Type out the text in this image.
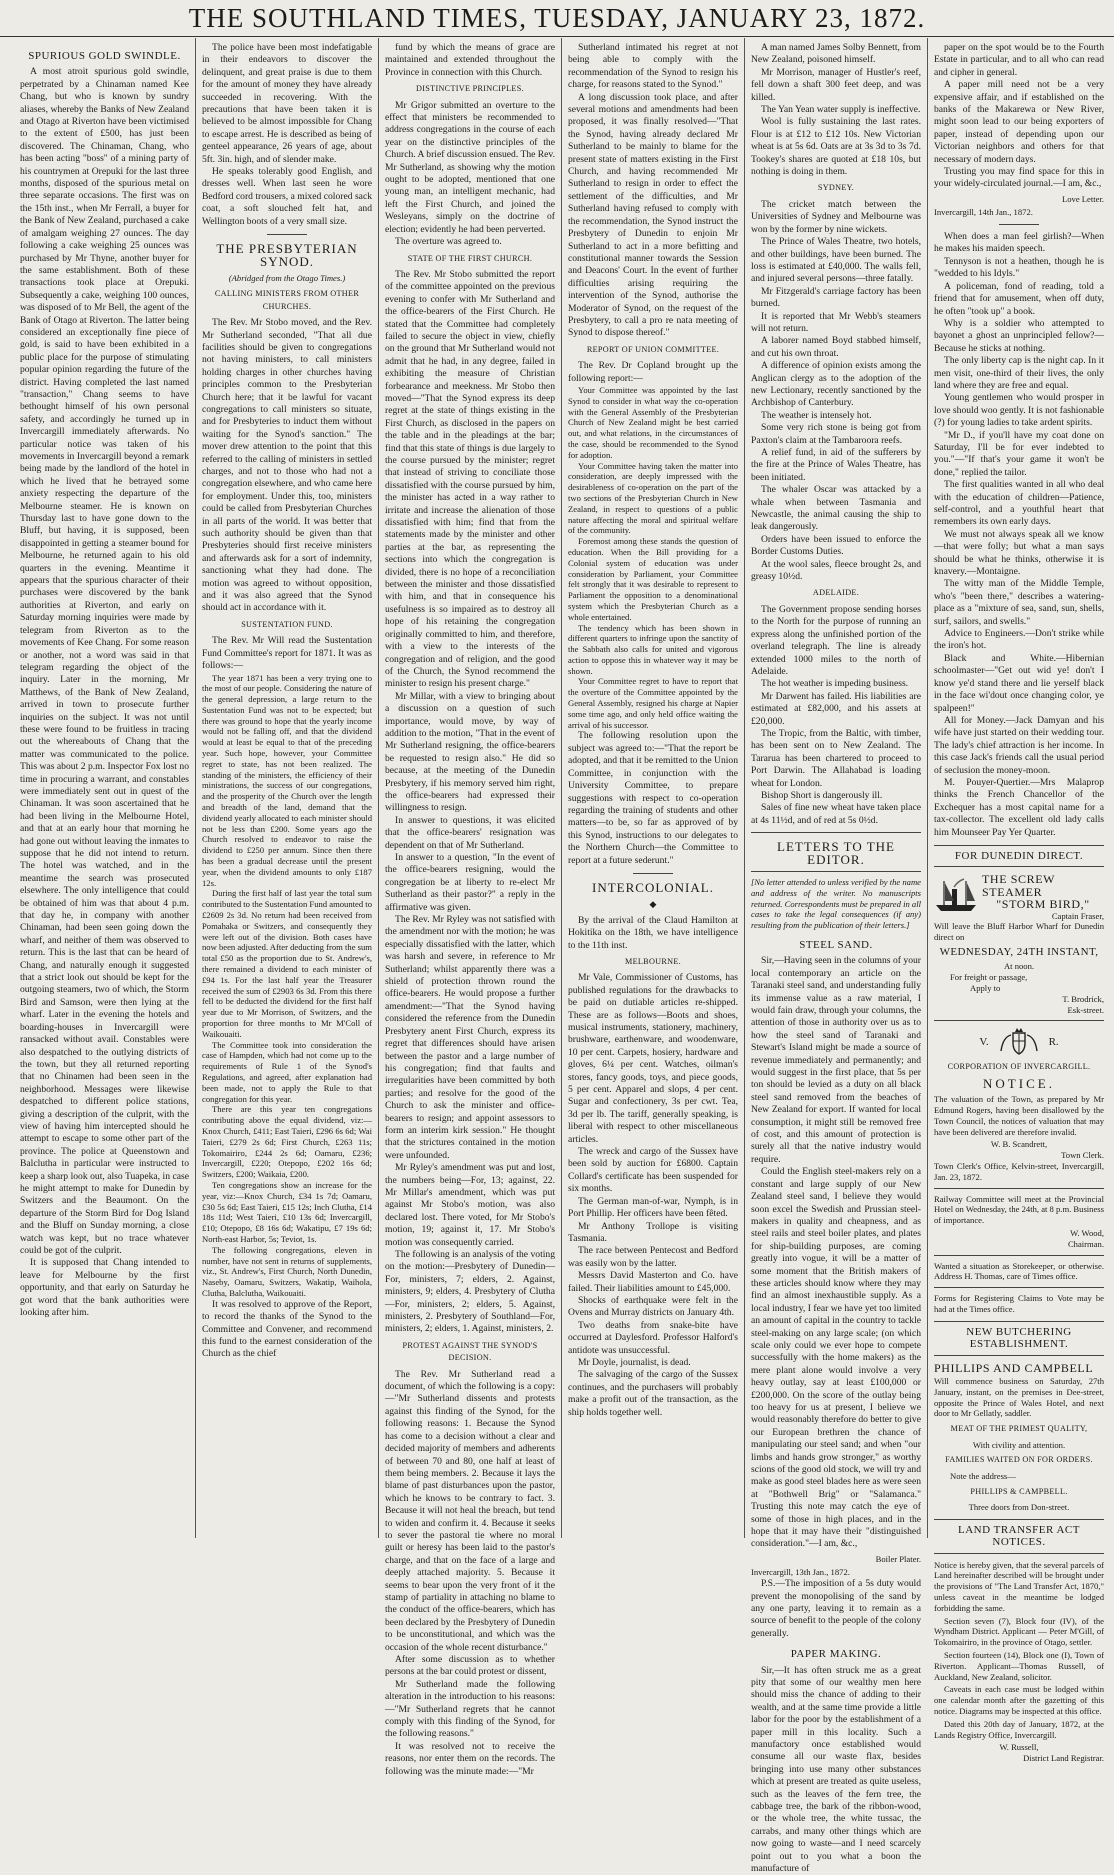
THE SOUTHLAND TIMES, TUESDAY, JANUARY 23, 1872.
SPURIOUS GOLD SWINDLE.

A most atroit spurious gold swindle, perpetrated by a Chinaman named Kee Chang, but who is known by sundry aliases, whereby the Banks of New Zealand and Otago at Riverton have been victimised to the extent of £500, has just been discovered. The Chinaman, Chang, who has been acting "boss" of a mining party of his countrymen at Orepuki for the last three months, disposed of the spurious metal on three separate occasions. The first was on the 15th inst., when Mr Ferrall, a buyer for the Bank of New Zealand, purchased a cake of amalgam weighing 27 ounces. The day following a cake weighing 25 ounces was purchased by Mr Thyne, another buyer for the same establishment. Both of these transactions took place at Orepuki. Subsequently a cake, weighing 100 ounces, was disposed of to Mr Bell, the agent of the Bank of Otago at Riverton. The latter being considered an exceptionally fine piece of gold, is said to have been exhibited in a public place for the purpose of stimulating popular opinion regarding the future of the district. Having completed the last named "transaction," Chang seems to have bethought himself of his own personal safety, and accordingly he turned up in Invercargill immediately afterwards. No particular notice was taken of his movements in Invercargill beyond a remark being made by the landlord of the hotel in which he lived that he betrayed some anxiety respecting the departure of the Melbourne steamer. He is known on Thursday last to have gone down to the Bluff, but having, it is supposed, been disappointed in getting a steamer bound for Melbourne, he returned again to his old quarters in the evening. Meantime it appears that the spurious character of their purchases were discovered by the bank authorities at Riverton, and early on Saturday morning inquiries were made by telegram from Riverton as to the movements of Kee Chang. For some reason or another, not a word was said in that telegram regarding the object of the inquiry. Later in the morning, Mr Matthews, of the Bank of New Zealand, arrived in town to prosecute further inquiries on the subject. It was not until these were found to be fruitless in tracing out the whereabouts of Chang that the matter was communicated to the police. This was about 2 p.m. Inspector Fox lost no time in procuring a warrant, and constables were immediately sent out in quest of the Chinaman. It was soon ascertained that he had been living in the Melbourne Hotel, and that at an early hour that morning he had gone out without leaving the inmates to suppose that he did not intend to return. The hotel was watched, and in the meantime the search was prosecuted elsewhere. The only intelligence that could be obtained of him was that about 4 p.m. that day he, in company with another Chinaman, had been seen going down the wharf, and neither of them was observed to return. This is the last that can be heard of Chang, and naturally enough it suggested that a strict look out should be kept for the outgoing steamers, two of which, the Storm Bird and Samson, were then lying at the wharf. Later in the evening the hotels and boarding-houses in Invercargill were ransacked without avail. Constables were also despatched to the outlying districts of the town, but they all returned reporting that no Chinamen had been seen in the neighborhood. Messages were likewise despatched to different police stations, giving a description of the culprit, with the view of having him intercepted should he attempt to escape to some other part of the province. The police at Queenstown and Balclutha in particular were instructed to keep a sharp look out, also Tuapeka, in case he might attempt to make for Dunedin by Switzers and the Beaumont. On the departure of the Storm Bird for Dog Island and the Bluff on Sunday morning, a close watch was kept, but no trace whatever could be got of the culprit.

It is supposed that Chang intended to leave for Melbourne by the first opportunity, and that early on Saturday he got word that the bank authorities were looking after him.

The police have been most indefatigable in their endeavors to discover the delinquent, and great praise is due to them for the amount of money they have already succeeded in recovering. With the precautions that have been taken it is believed to be almost impossible for Chang to escape arrest. He is described as being of genteel appearance, 26 years of age, about 5ft. 3in. high, and of slender make.

He speaks tolerably good English, and dresses well. When last seen he wore Bedford cord trousers, a mixed colored sack coat, a soft slouched felt hat, and Wellington boots of a very small size.

THE PRESBYTERIAN SYNOD.
(Abridged from the Otago Times.)
CALLING MINISTERS FROM OTHER CHURCHES.

The Rev. Mr Stobo moved, and the Rev. Mr Sutherland seconded, "That all due facilities should be given to congregations not having ministers, to call ministers holding charges in other churches having principles common to the Presbyterian Church here; that it be lawful for vacant congregations to call ministers so situate, and for Presbyteries to induct them without waiting for the Synod's sanction." The mover drew attention to the point that this referred to the calling of ministers in settled charges, and not to those who had not a congregation elsewhere, and who came here for employment. Under this, too, ministers could be called from Presbyterian Churches in all parts of the world. It was better that such authority should be given than that Presbyteries should first receive ministers and afterwards ask for a sort of indemnity, sanctioning what they had done. The motion was agreed to without opposition, and it was also agreed that the Synod should act in accordance with it.

SUSTENTATION FUND.

The Rev. Mr Will read the Sustentation Fund Committee's report for 1871. It was as follows:—

The year 1871 has been a very trying one to the most of our people. Considering the nature of the general depression, a large return to the Sustentation Fund was not to be expected; but there was ground to hope that the yearly income would not be falling off, and that the dividend would at least be equal to that of the preceding year. Such hope, however, your Committee regret to state, has not been realized. The standing of the ministers, the efficiency of their ministrations, the success of our congregations, and the prosperity of the Church over the length and breadth of the land, demand that the dividend yearly allocated to each minister should not be less than £200. Some years ago the Church resolved to endeavor to raise the dividend to £250 per annum. Since then there has been a gradual decrease until the present year, when the dividend amounts to only £187 12s.

During the first half of last year the total sum contributed to the Sustentation Fund amounted to £2609 2s 3d. No return had been received from Pomahaka or Switzers, and consequently they were left out of the division. Both cases have now been adjusted. After deducting from the sum total £50 as the proportion due to St. Andrew's, there remained a dividend to each minister of £94 1s. For the last half year the Treasurer received the sum of £2903 6s 3d. From this there fell to be deducted the dividend for the first half year due to Mr Morrison, of Switzers, and the proportion for three months to Mr M'Coll of Waikouaiti.

The Committee took into consideration the case of Hampden, which had not come up to the requirements of Rule 1 of the Synod's Regulations, and agreed, after explanation had been made, not to apply the Rule to that congregation for this year.

There are this year ten congregations contributing above the equal dividend, viz:—Knox Church, £411; East Taieri, £296 6s 6d; Wai Taieri, £279 2s 6d; First Church, £263 11s; Tokomairiro, £244 2s 6d; Oamaru, £236; Invercargill, £220; Otepopo, £202 16s 6d; Switzers, £200; Waikaia, £200.

Ten congregations show an increase for the year, viz:—Knox Church, £34 1s 7d; Oamaru, £30 5s 6d; East Taieri, £15 12s; Inch Clutha, £14 18s 11d; West Taieri, £10 13s 6d; Invercargill, £10; Otepopo, £8 16s 6d; Wakatipu, £7 19s 6d; North-east Harbor, 5s; Teviot, 1s.

The following congregations, eleven in number, have not sent in returns of supplements, viz., St. Andrew's, First Church, North Dunedin, Naseby, Oamaru, Switzers, Wakatip, Waihola, Clutha, Balclutha, Waikouaiti.

It was resolved to approve of the Report, to record the thanks of the Synod to the Committee and Convener, and recommend this fund to the earnest consideration of the Church as the chief

fund by which the means of grace are maintained and extended throughout the Province in connection with this Church.

DISTINCTIVE PRINCIPLES.

Mr Grigor submitted an overture to the effect that ministers be recommended to address congregations in the course of each year on the distinctive principles of the Church. A brief discussion ensued. The Rev. Mr Sutherland, as showing why the motion ought to be adopted, mentioned that one young man, an intelligent mechanic, had left the First Church, and joined the Wesleyans, simply on the doctrine of election; evidently he had been perverted.

The overture was agreed to.

STATE OF THE FIRST CHURCH.

The Rev. Mr Stobo submitted the report of the committee appointed on the previous evening to confer with Mr Sutherland and the office-bearers of the First Church. He stated that the Committee had completely failed to secure the object in view, chiefly on the ground that Mr Sutherland would not admit that he had, in any degree, failed in exhibiting the measure of Christian forbearance and meekness. Mr Stobo then moved—"That the Synod express its deep regret at the state of things existing in the First Church, as disclosed in the papers on the table and in the pleadings at the bar; find that this state of things is due largely to the course pursued by the minister; regret that instead of striving to conciliate those dissatisfied with the course pursued by him, the minister has acted in a way rather to irritate and increase the alienation of those dissatisfied with him; find that from the statements made by the minister and other parties at the bar, as representing the sections into which the congregation is divided, there is no hope of a reconciliation between the minister and those dissatisfied with him, and that in consequence his usefulness is so impaired as to destroy all hope of his retaining the congregation originally committed to him, and therefore, with a view to the interests of the congregation and of religion, and the good of the Church, the Synod recommend the minister to resign his present charge."

Mr Millar, with a view to bringing about a discussion on a question of such importance, would move, by way of addition to the motion, "That in the event of Mr Sutherland resigning, the office-bearers be requested to resign also." He did so because, at the meeting of the Dunedin Presbytery, if his memory served him right, the office-bearers had expressed their willingness to resign.

In answer to questions, it was elicited that the office-bearers' resignation was dependent on that of Mr Sutherland.

In answer to a question, "In the event of the office-bearers resigning, would the congregation be at liberty to re-elect Mr Sutherland as their pastor?" a reply in the affirmative was given.

The Rev. Mr Ryley was not satisfied with the amendment nor with the motion; he was especially dissatisfied with the latter, which was harsh and severe, in reference to Mr Sutherland; whilst apparently there was a shield of protection thrown round the office-bearers. He would propose a further amendment:—"That the Synod having considered the reference from the Dunedin Presbytery anent First Church, express its regret that differences should have arisen between the pastor and a large number of his congregation; find that faults and irregularities have been committed by both parties; and resolve for the good of the Church to ask the minister and office-bearers to resign; and appoint assessors to form an interim kirk session." He thought that the strictures contained in the motion were unfounded.

Mr Ryley's amendment was put and lost, the numbers being—For, 13; against, 22. Mr Millar's amendment, which was put against Mr Stobo's motion, was also declared lost. There voted, for Mr Stobo's motion, 19; against it, 17. Mr Stobo's motion was consequently carried.

The following is an analysis of the voting on the motion:—Presbytery of Dunedin—For, ministers, 7; elders, 2. Against, ministers, 9; elders, 4. Presbytery of Clutha—For, ministers, 2; elders, 5. Against, ministers, 2. Presbytery of Southland—For, ministers, 2; elders, 1. Against, ministers, 2.

PROTEST AGAINST THE SYNOD'S DECISION.

The Rev. Mr Sutherland read a document, of which the following is a copy:—"Mr Sutherland dissents and protests against this finding of the Synod, for the following reasons: 1. Because the Synod has come to a decision without a clear and decided majority of members and adherents of between 70 and 80, one half at least of them being members. 2. Because it lays the blame of past disturbances upon the pastor, which he knows to be contrary to fact. 3. Because it will not heal the breach, but tend to widen and confirm it. 4. Because it seeks to sever the pastoral tie where no moral guilt or heresy has been laid to the pastor's charge, and that on the face of a large and deeply attached majority. 5. Because it seems to bear upon the very front of it the stamp of partiality in attaching no blame to the conduct of the office-bearers, which has been declared by the Presbytery of Dunedin to be unconstitutional, and which was the occasion of the whole recent disturbance."

After some discussion as to whether persons at the bar could protest or dissent,

Mr Sutherland made the following alteration in the introduction to his reasons:—"Mr Sutherland regrets that he cannot comply with this finding of the Synod, for the following reasons."

It was resolved not to receive the reasons, nor enter them on the records. The following was the minute made:—"Mr

Sutherland intimated his regret at not being able to comply with the recommendation of the Synod to resign his charge, for reasons stated to the Synod."

A long discussion took place, and after several motions and amendments had been proposed, it was finally resolved—"That the Synod, having already declared Mr Sutherland to be mainly to blame for the present state of matters existing in the First Church, and having recommended Mr Sutherland to resign in order to effect the settlement of the difficulties, and Mr Sutherland having refused to comply with the recommendation, the Synod instruct the Presbytery of Dunedin to enjoin Mr Sutherland to act in a more befitting and constitutional manner towards the Session and Deacons' Court. In the event of further difficulties arising requiring the intervention of the Synod, authorise the Moderator of Synod, on the request of the Presbytery, to call a pro re nata meeting of Synod to dispose thereof."

REPORT OF UNION COMMITTEE.

The Rev. Dr Copland brought up the following report:—

Your Committee was appointed by the last Synod to consider in what way the co-operation with the General Assembly of the Presbyterian Church of New Zealand might be best carried out, and what relations, in the circumstances of the case, should be recommended to the Synod for adoption.

Your Committee having taken the matter into consideration, are deeply impressed with the desirableness of co-operation on the part of the two sections of the Presbyterian Church in New Zealand, in respect to questions of a public nature affecting the moral and spiritual welfare of the community.

Foremost among these stands the question of education. When the Bill providing for a Colonial system of education was under consideration by Parliament, your Committee felt strongly that it was desirable to represent to Parliament the opposition to a denominational system which the Presbyterian Church as a whole entertained.

The tendency which has been shown in different quarters to infringe upon the sanctity of the Sabbath also calls for united and vigorous action to oppose this in whatever way it may be shown.

Your Committee regret to have to report that the overture of the Committee appointed by the General Assembly, resigned his charge at Napier some time ago, and only held office waiting the arrival of his successor.

The following resolution upon the subject was agreed to:—"That the report be adopted, and that it be remitted to the Union Committee, in conjunction with the University Committee, to prepare suggestions with respect to co-operation regarding the training of students and other matters—to be, so far as approved of by this Synod, instructions to our delegates to the Northern Church—the Committee to report at a future sederunt."

INTERCOLONIAL.
◆

By the arrival of the Claud Hamilton at Hokitika on the 18th, we have intelligence to the 11th inst.

MELBOURNE.

Mr Vale, Commissioner of Customs, has published regulations for the drawbacks to be paid on dutiable articles re-shipped. These are as follows—Boots and shoes, musical instruments, stationery, machinery, brushware, earthenware, and woodenware, 10 per cent. Carpets, hosiery, hardware and gloves, 6¼ per cent. Watches, oilman's stores, fancy goods, toys, and piece goods, 5 per cent. Apparel and slops, 4 per cent. Sugar and confectionery, 3s per cwt. Tea, 3d per lb. The tariff, generally speaking, is liberal with respect to other miscellaneous articles.

The wreck and cargo of the Sussex have been sold by auction for £6800. Captain Collard's certificate has been suspended for six months.

The German man-of-war, Nymph, is in Port Phillip. Her officers have been fêted.

Mr Anthony Trollope is visiting Tasmania.

The race between Pentecost and Bedford was easily won by the latter.

Messrs David Masterton and Co. have failed. Their liabilities amount to £45,000.

Shocks of earthquake were felt in the Ovens and Murray districts on January 4th.

Two deaths from snake-bite have occurred at Daylesford. Professor Halford's antidote was unsuccessful.

Mr Doyle, journalist, is dead.

The salvaging of the cargo of the Sussex continues, and the purchasers will probably make a profit out of the transaction, as the ship holds together well.

A man named James Solby Bennett, from New Zealand, poisoned himself.

Mr Morrison, manager of Hustler's reef, fell down a shaft 300 feet deep, and was killed.

The Yan Yean water supply is ineffective.

Wool is fully sustaining the last rates. Flour is at £12 to £12 10s. New Victorian wheat is at 5s 6d. Oats are at 3s 3d to 3s 7d. Tookey's shares are quoted at £18 10s, but nothing is doing in them.

SYDNEY.

The cricket match between the Universities of Sydney and Melbourne was won by the former by nine wickets.

The Prince of Wales Theatre, two hotels, and other buildings, have been burned. The loss is estimated at £40,000. The walls fell, and injured several persons—three fatally.

Mr Fitzgerald's carriage factory has been burned.

It is reported that Mr Webb's steamers will not return.

A laborer named Boyd stabbed himself, and cut his own throat.

A difference of opinion exists among the Anglican clergy as to the adoption of the new Lectionary, recently sanctioned by the Archbishop of Canterbury.

The weather is intensely hot.

Some very rich stone is being got from Paxton's claim at the Tambaroora reefs.

A relief fund, in aid of the sufferers by the fire at the Prince of Wales Theatre, has been initiated.

The whaler Oscar was attacked by a whale when between Tasmania and Newcastle, the animal causing the ship to leak dangerously.

Orders have been issued to enforce the Border Customs Duties.

At the wool sales, fleece brought 2s, and greasy 10½d.

ADELAIDE.

The Government propose sending horses to the North for the purpose of running an express along the unfinished portion of the overland telegraph. The line is already extended 1000 miles to the north of Adelaide.

The hot weather is impeding business.

Mr Darwent has failed. His liabilities are estimated at £82,000, and his assets at £20,000.

The Tropic, from the Baltic, with timber, has been sent on to New Zealand. The Tararua has been chartered to proceed to Port Darwin. The Allahabad is loading wheat for London.

Bishop Short is dangerously ill.

Sales of fine new wheat have taken place at 4s 11½d, and of red at 5s 0½d.

LETTERS TO THE EDITOR.

[No letter attended to unless verified by the name and address of the writer. No manuscripts returned. Correspondents must be prepared in all cases to take the legal consequences (if any) resulting from the publication of their letters.]

STEEL SAND.

Sir,—Having seen in the columns of your local contemporary an article on the Taranaki steel sand, and understanding fully its immense value as a raw material, I would fain draw, through your columns, the attention of those in authority over us as to how the steel sand of Taranaki and Stewart's Island might be made a source of revenue immediately and permanently; and would suggest in the first place, that 5s per ton should be levied as a duty on all black steel sand removed from the beaches of New Zealand for export. If wanted for local consumption, it might still be removed free of cost, and this amount of protection is surely all that the native industry would require.

Could the English steel-makers rely on a constant and large supply of our New Zealand steel sand, I believe they would soon excel the Swedish and Prussian steel-makers in quality and cheapness, and as steel rails and steel boiler plates, and plates for ship-building purposes, are coming greatly into vogue, it will be a matter of some moment that the British makers of these articles should know where they may find an almost inexhaustible supply. As a local industry, I fear we have yet too limited an amount of capital in the country to tackle steel-making on any large scale; (on which scale only could we ever hope to compete successfully with the home makers) as the mere plant alone would involve a very heavy outlay, say at least £100,000 or £200,000. On the score of the outlay being too heavy for us at present, I believe we would reasonably therefore do better to give our European brethren the chance of manipulating our steel sand; and when "our limbs and hands grow stronger," as worthy scions of the good old stock, we will try and make as good steel blades here as were seen at "Bothwell Brig" or "Salamanca." Trusting this note may catch the eye of some of those in high places, and in the hope that it may have their "distinguished consideration."—I am, &c.,

Boiler Plater.
Invercargill, 13th Jan., 1872.

P.S.—The imposition of a 5s duty would prevent the monopolising of the sand by any one party, leaving it to remain as a source of benefit to the people of the colony generally.

PAPER MAKING.

Sir,—It has often struck me as a great pity that some of our wealthy men here should miss the chance of adding to their wealth, and at the same time provide a little labor for the poor by the establishment of a paper mill in this locality. Such a manufactory once established would consume all our waste flax, besides bringing into use many other substances which at present are treated as quite useless, such as the leaves of the fern tree, the cabbage tree, the bark of the ribbon-wood, or the whole tree, the white tussac, the carrabs, and many other things which are now going to waste—and I need scarcely point out to you what a boon the manufacture of

paper on the spot would be to the Fourth Estate in particular, and to all who can read and cipher in general.

A paper mill need not be a very expensive affair, and if established on the banks of the Makarewa or New River, might soon lead to our being exporters of paper, instead of depending upon our Victorian neighbors and others for that necessary of modern days.

Trusting you may find space for this in your widely-circulated journal.—I am, &c.,

Love Letter.
Invercargill, 14th Jan., 1872.

When does a man feel girlish?—When he makes his maiden speech.

Tennyson is not a heathen, though he is "wedded to his Idyls."

A policeman, fond of reading, told a friend that for amusement, when off duty, he often "took up" a book.

Why is a soldier who attempted to bayonet a ghost an unprincipled fellow?—Because he sticks at nothing.

The only liberty cap is the night cap. In it men visit, one-third of their lives, the only land where they are free and equal.

Young gentlemen who would prosper in love should woo gently. It is not fashionable (?) for young ladies to take ardent spirits.

"Mr D., if you'll have my coat done on Saturday, I'll be for ever indebted to you."—"If that's your game it won't be done," replied the tailor.

The first qualities wanted in all who deal with the education of children—Patience, self-control, and a youthful heart that remembers its own early days.

We must not always speak all we know—that were folly; but what a man says should be what he thinks, otherwise it is knavery.—Montaigne.

The witty man of the Middle Temple, who's "been there," describes a watering-place as a "mixture of sea, sand, sun, shells, surf, sailors, and swells."

Advice to Engineers.—Don't strike while the iron's hot.

Black and White.—Hibernian schoolmaster—"Get out wid ye! don't I know ye'd stand there and lie yerself black in the face wi'dout once changing color, ye spalpeen!"

All for Money.—Jack Damyan and his wife have just started on their wedding tour. The lady's chief attraction is her income. In this case Jack's friends call the usual period of seclusion the money-moon.

M. Pouyer-Quertier.—Mrs Malaprop thinks the French Chancellor of the Exchequer has a most capital name for a tax-collector. The excellent old lady calls him Mounseer Pay Yer Quarter.

FOR DUNEDIN DIRECT.
THE SCREW STEAMER
"STORM BIRD,"
Captain Fraser,
Will leave the Bluff Harbor Wharf for Dunedin direct on
WEDNESDAY, 24TH INSTANT,
At noon.
For freight or passage,
Apply to
T. Brodrick,
Esk-street.
V.	R.
CORPORATION OF INVERCARGILL.
NOTICE.

The valuation of the Town, as prepared by Mr Edmund Rogers, having been disallowed by the Town Council, the notices of valuation that may have been delivered are therefore invalid.

W. B. Scandrett,
Town Clerk.
Town Clerk's Office, Kelvin-street, Invercargill, Jan. 23, 1872.

Railway Committee will meet at the Provincial Hotel on Wednesday, the 24th, at 8 p.m. Business of importance.

W. Wood,
Chairman.

Wanted a situation as Storekeeper, or otherwise. Address H. Thomas, care of Times office.

Forms for Registering Claims to Vote may be had at the Times office.

NEW BUTCHERING ESTABLISHMENT.
PHILLIPS AND CAMPBELL

Will commence business on Saturday, 27th January, instant, on the premises in Dee-street, opposite the Prince of Wales Hotel, and next door to Mr Gellatly, saddler.

MEAT OF THE PRIMEST QUALITY,
With civility and attention.
FAMILIES WAITED ON FOR ORDERS.
Note the address—
PHILLIPS & CAMPBELL.
Three doors from Don-street.
LAND TRANSFER ACT NOTICES.

Notice is hereby given, that the several parcels of Land hereinafter described will be brought under the provisions of "The Land Transfer Act, 1870," unless caveat in the meantime be lodged forbidding the same.

Section seven (7), Block four (IV), of the Wyndham District. Applicant — Peter M'Gill, of Tokomairiro, in the province of Otago, settler.

Section fourteen (14), Block one (I), Town of Riverton. Applicant—Thomas Russell, of Auckland, New Zealand, solicitor.

Caveats in each case must be lodged within one calendar month after the gazetting of this notice. Diagrams may be inspected at this office.

Dated this 20th day of January, 1872, at the Lands Registry Office, Invercargill.

W. Russell,
District Land Registrar.
